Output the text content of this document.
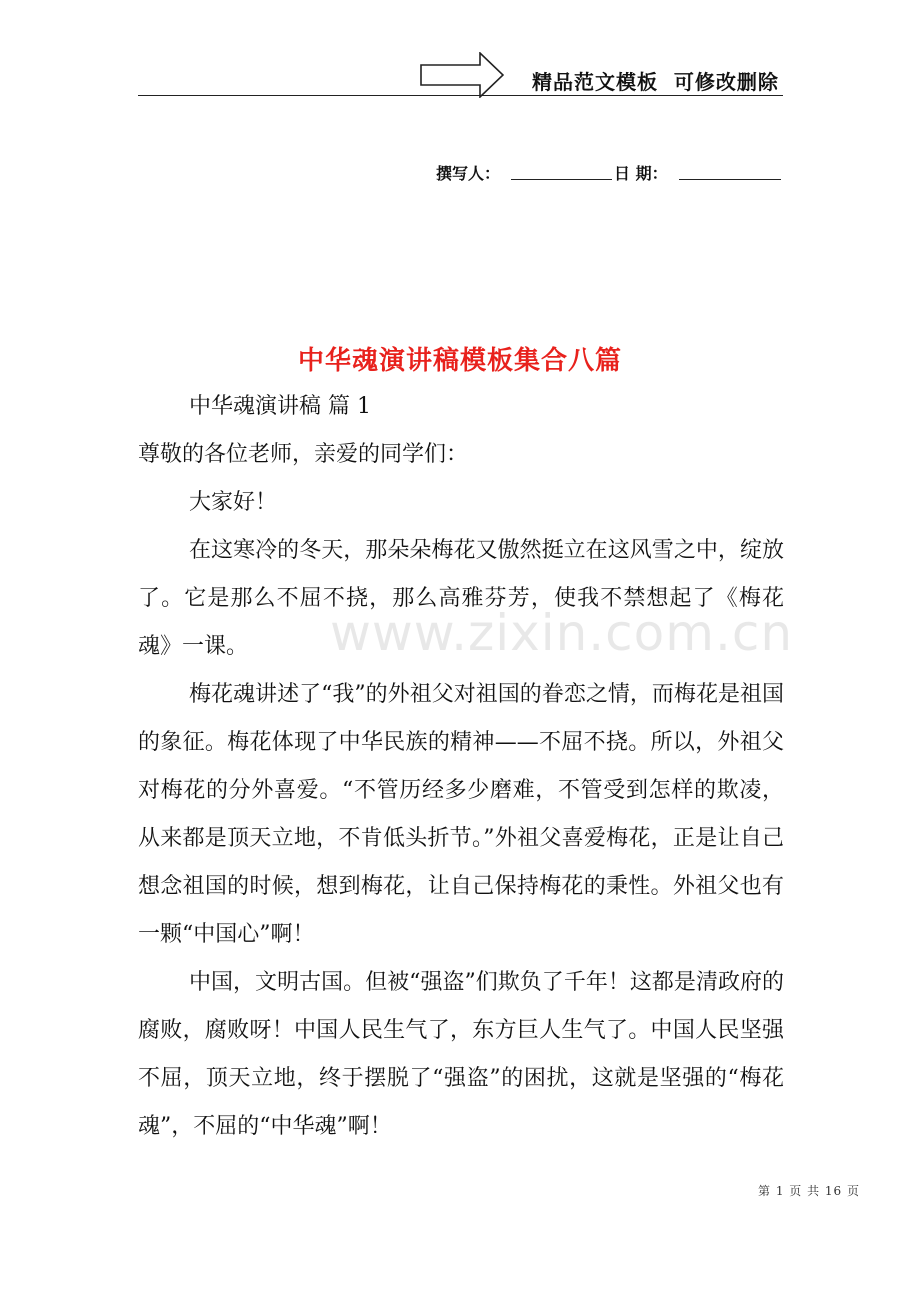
精品范文模板  可修改删除
撰写人：	日 期：
中华魂演讲稿模板集合八篇

中华魂演讲稿 篇 1

尊敬的各位老师，亲爱的同学们：

大家好！

在这寒冷的冬天，那朵朵梅花又傲然挺立在这风雪之中，绽放了。它是那么不屈不挠，那么高雅芬芳，使我不禁想起了《梅花魂》一课。

梅花魂讲述了“我”的外祖父对祖国的眷恋之情，而梅花是祖国的象征。梅花体现了中华民族的精神——不屈不挠。所以，外祖父对梅花的分外喜爱。“不管历经多少磨难，不管受到怎样的欺凌，从来都是顶天立地，不肯低头折节。”外祖父喜爱梅花，正是让自己想念祖国的时候，想到梅花，让自己保持梅花的秉性。外祖父也有一颗“中国心”啊！

中国，文明古国。但被“强盗”们欺负了千年！这都是清政府的腐败，腐败呀！中国人民生气了，东方巨人生气了。中国人民坚强不屈，顶天立地，终于摆脱了“强盗”的困扰，这就是坚强的“梅花魂”，不屈的“中华魂”啊！

www.zixin.com.cn
第 1 页 共 16 页
